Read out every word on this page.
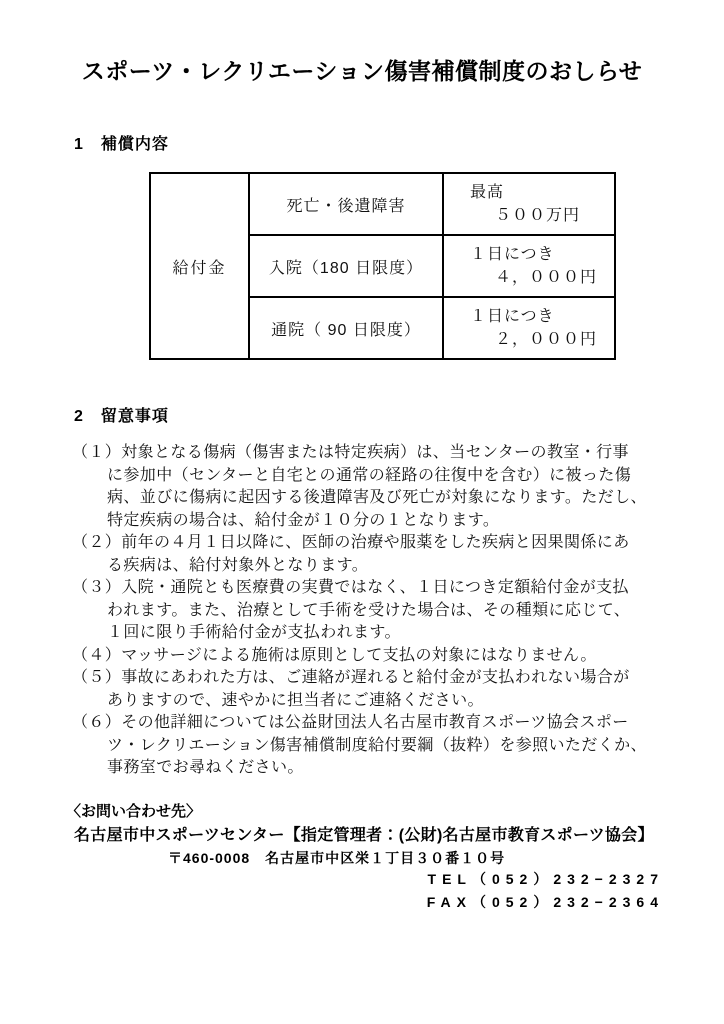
スポーツ・レクリエーション傷害補償制度のおしらせ
1　補償内容
給付金	死亡・後遺障害	最高
５００万円

	入院（180 日限度）	１日につき
４，０００円

	通院（ 90 日限度）	１日につき
２，０００円
2　留意事項
（１）対象となる傷病（傷害または特定疾病）は、当センターの教室・行事
に参加中（センターと自宅との通常の経路の往復中を含む）に被った傷
病、並びに傷病に起因する後遺障害及び死亡が対象になります。ただし、
特定疾病の場合は、給付金が１０分の１となります。
（２）前年の４月１日以降に、医師の治療や服薬をした疾病と因果関係にあ
る疾病は、給付対象外となります。
（３）入院・通院とも医療費の実費ではなく、１日につき定額給付金が支払
われます。また、治療として手術を受けた場合は、その種類に応じて、
１回に限り手術給付金が支払われます。
（４）マッサージによる施術は原則として支払の対象にはなりません。
（５）事故にあわれた方は、ご連絡が遅れると給付金が支払われない場合が
ありますので、速やかに担当者にご連絡ください。
（６）その他詳細については公益財団法人名古屋市教育スポーツ協会スポー
ツ・レクリエーション傷害補償制度給付要綱（抜粋）を参照いただくか、
事務室でお尋ねください。
〈お問い合わせ先〉
名古屋市中スポーツセンター【指定管理者：(公財)名古屋市教育スポーツ協会】
〒460-0008　名古屋市中区栄１丁目３０番１０号
TEL（052）232−2327
FAX（052）232−2364
